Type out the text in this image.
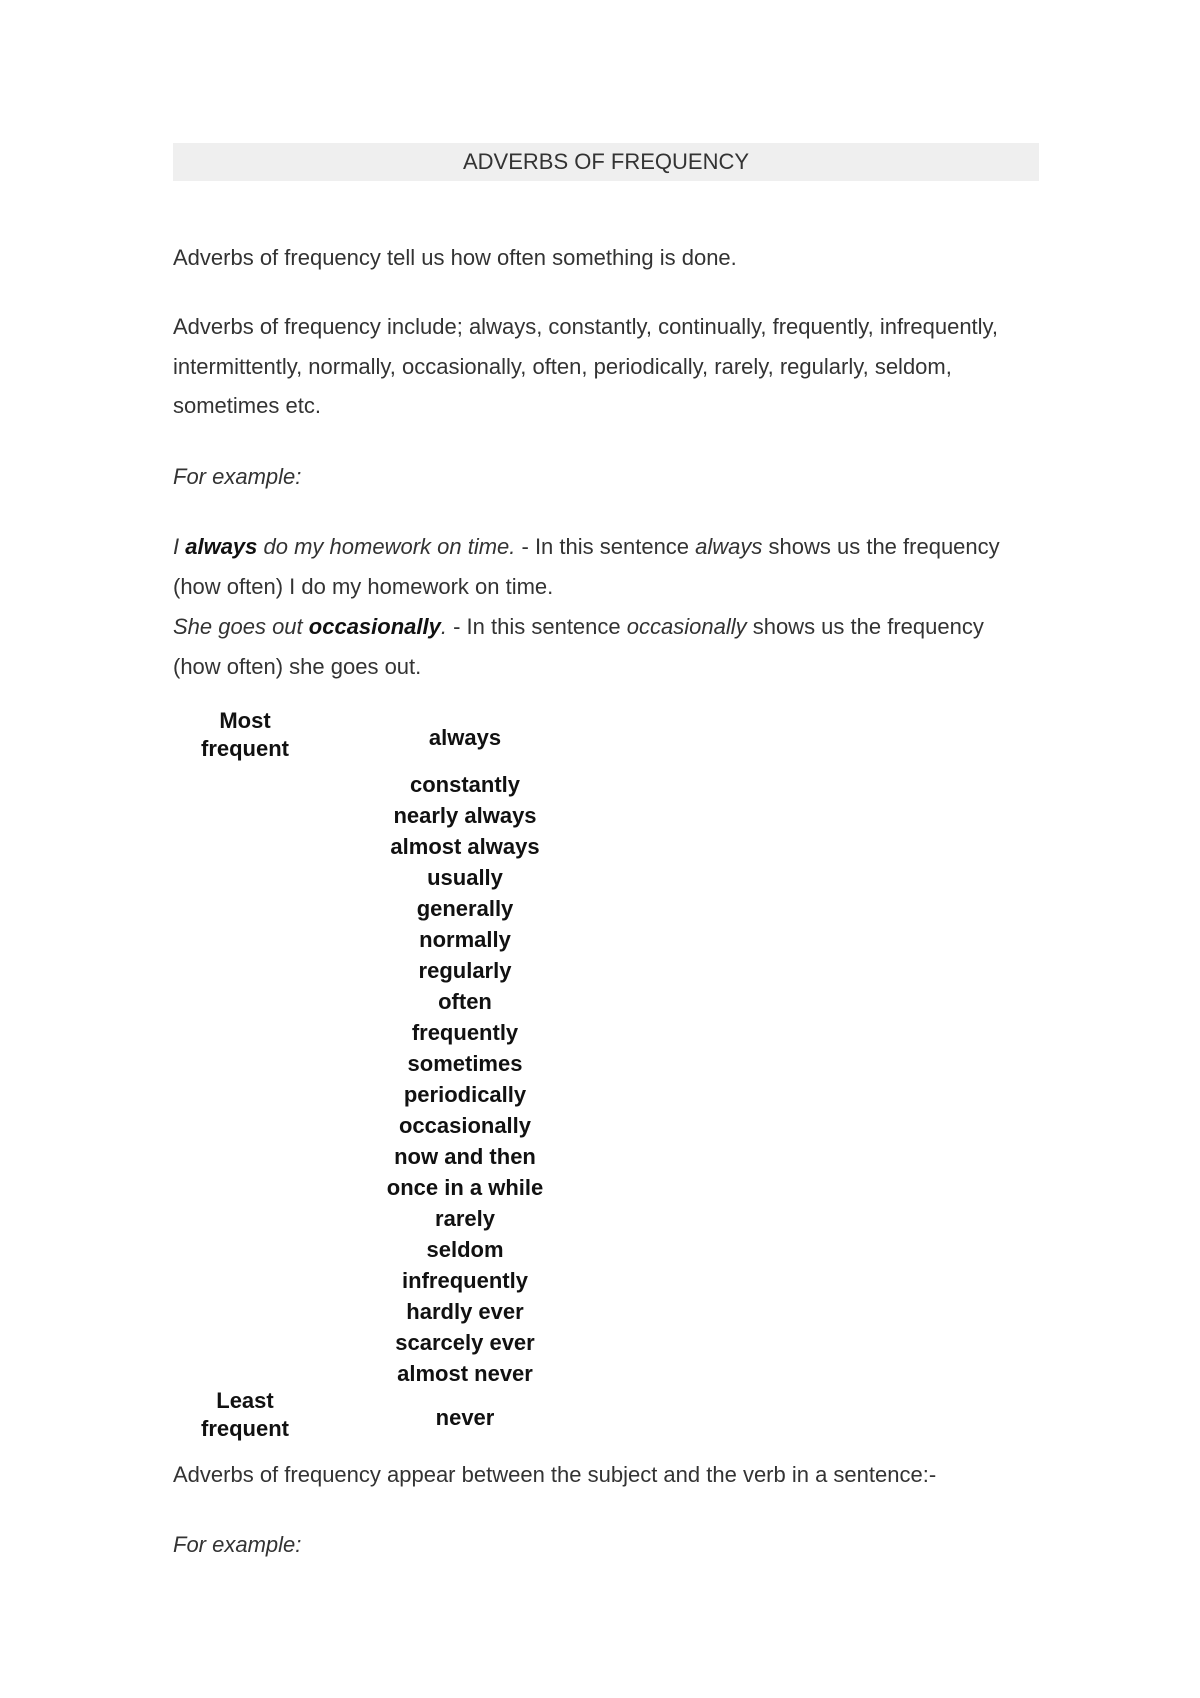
ADVERBS OF FREQUENCY

Adverbs of frequency tell us how often something is done.

Adverbs of frequency include; always, constantly, continually, frequently, infrequently, intermittently, normally, occasionally, often, periodically, rarely, regularly, seldom, sometimes etc.

For example:

I always do my homework on time. - In this sentence always shows us the frequency (how often) I do my homework on time.

She goes out occasionally. - In this sentence occasionally shows us the frequency (how often) she goes out.

Most
frequent	always
constantly
nearly always
almost always
usually
generally
normally
regularly
often
frequently
sometimes
periodically
occasionally
now and then
once in a while
rarely
seldom
infrequently
hardly ever
scarcely ever
almost never
Least
frequent	never

Adverbs of frequency appear between the subject and the verb in a sentence:-

For example:
